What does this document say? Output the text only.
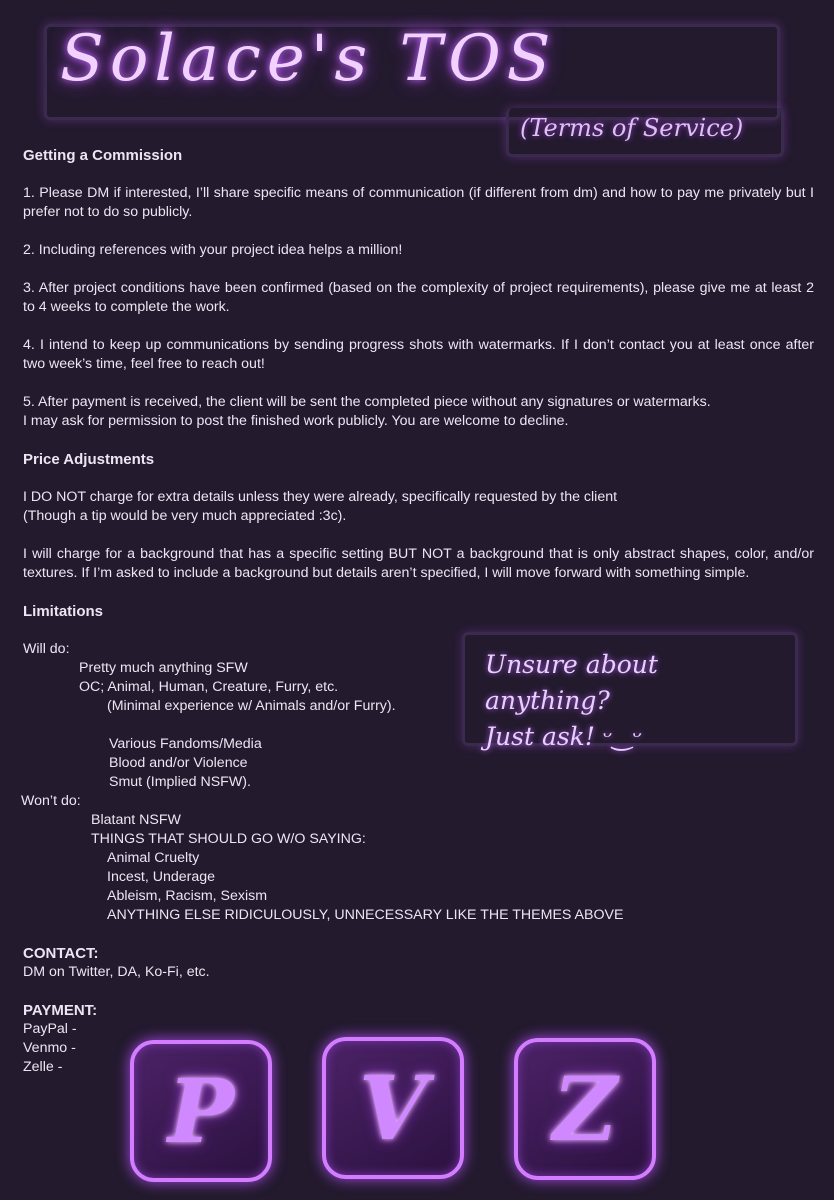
Solace's TOS
(Terms of Service)
Getting a Commission

1. Please DM if interested, I’ll share specific means of communication (if different from dm) and how to pay me privately but I prefer not to do so publicly.

2. Including references with your project idea helps a million!

3. After project conditions have been confirmed (based on the complexity of project requirements), please give me at least 2 to 4 weeks to complete the work.

4. I intend to keep up communications by sending progress shots with watermarks. If I don’t contact you at least once after two week’s time, feel free to reach out!

5. After payment is received, the client will be sent the completed piece without any signatures or watermarks.

I may ask for permission to post the finished work publicly. You are welcome to decline.

Price Adjustments

I DO NOT charge for extra details unless they were already, specifically requested by the client

(Though a tip would be very much appreciated :3c).

I will charge for a background that has a specific setting BUT NOT a background that is only abstract shapes, color, and/or textures. If I’m asked to include a background but details aren’t specified, I will move forward with something simple.

Limitations
Will do:
Pretty much anything SFW
OC; Animal, Human, Creature, Furry, etc.
(Minimal experience w/ Animals and/or Furry).
Various Fandoms/Media
Blood and/or Violence
Smut (Implied NSFW).
Won’t do:
Blatant NSFW
THINGS THAT SHOULD GO W/O SAYING:
Animal Cruelty
Incest, Underage
Ableism, Racism, Sexism
ANYTHING ELSE RIDICULOUSLY, UNNECESSARY LIKE THE THEMES ABOVE
CONTACT:
DM on Twitter, DA, Ko-Fi, etc.
PAYMENT:
PayPal -
Venmo -
Zelle -
Unsure about anything?
Just ask! ᵕ‿ᵕ
P V Z
